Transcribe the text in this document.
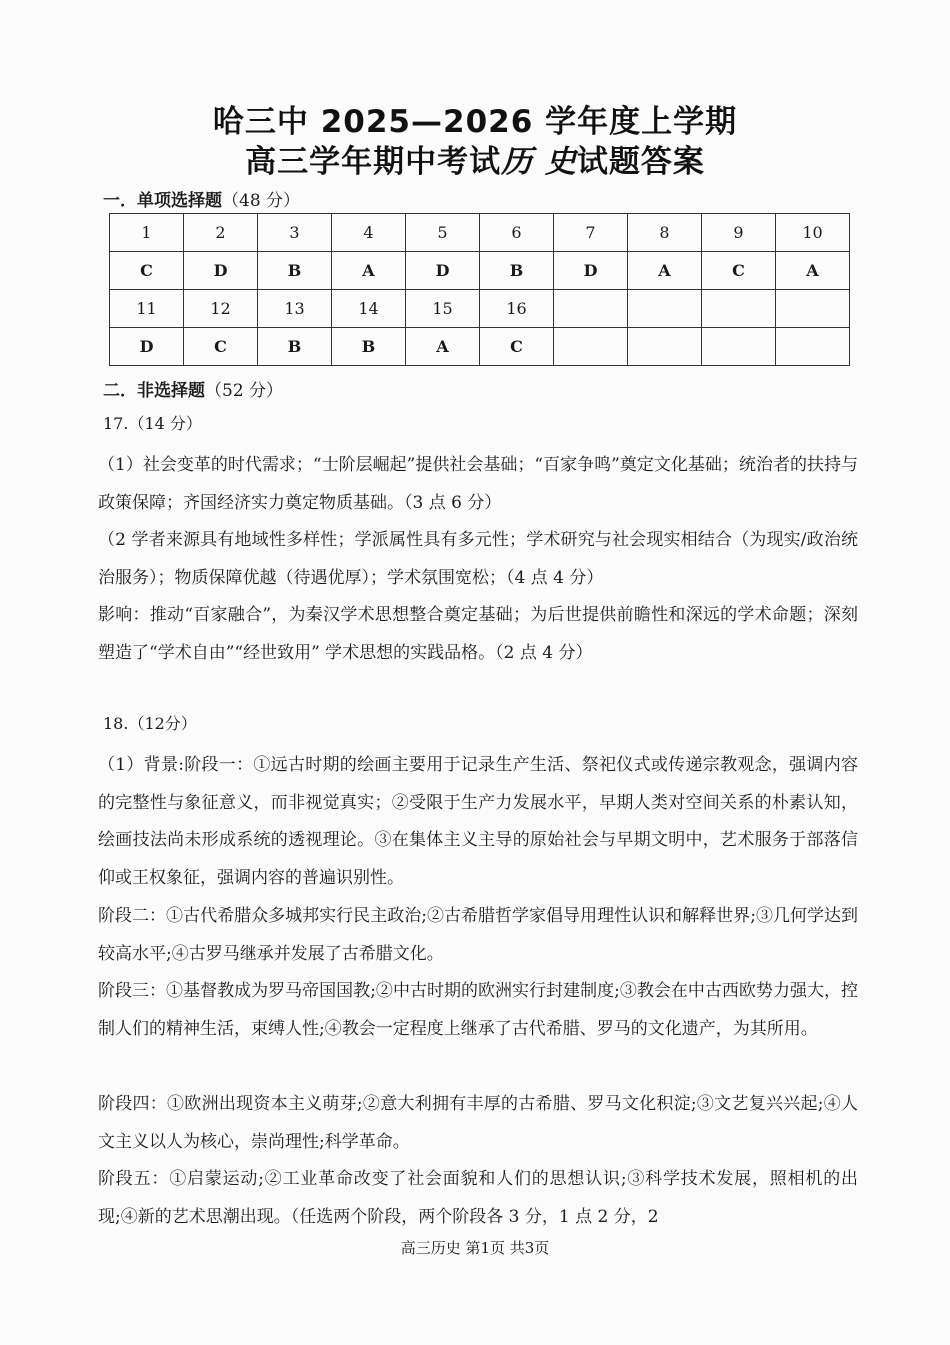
哈三中 2025—2026 学年度上学期
高三学年期中考试历 史试题答案
一．单项选择题（48 分）
1	2	3	4	5	6	7	8	9	10
C	D	B	A	D	B	D	A	C	A
11	12	13	14	15	16				
D	C	B	B	A	C				
二．非选择题（52 分）
17.（14 分）
（1）社会变革的时代需求；“士阶层崛起”提供社会基础；“百家争鸣”奠定文化基础；统治者的扶持与政策保障；齐国经济实力奠定物质基础。（3 点 6 分）
（2 学者来源具有地域性多样性；学派属性具有多元性；学术研究与社会现实相结合（为现实/政治统治服务）；物质保障优越（待遇优厚）；学术氛围宽松；（4 点 4 分）
影响：推动“百家融合”，为秦汉学术思想整合奠定基础；为后世提供前瞻性和深远的学术命题；深刻塑造了“学术自由”“经世致用” 学术思想的实践品格。（2 点 4 分）
18.（12分）
（1）背景:阶段一：①远古时期的绘画主要用于记录生产生活、祭祀仪式或传递宗教观念，强调内容的完整性与象征意义，而非视觉真实；②受限于生产力发展水平，早期人类对空间关系的朴素认知，绘画技法尚未形成系统的透视理论。③在集体主义主导的原始社会与早期文明中，艺术服务于部落信仰或王权象征，强调内容的普遍识别性。
阶段二：①古代希腊众多城邦实行民主政治;②古希腊哲学家倡导用理性认识和解释世界;③几何学达到较高水平;④古罗马继承并发展了古希腊文化。
阶段三：①基督教成为罗马帝国国教;②中古时期的欧洲实行封建制度;③教会在中古西欧势力强大，控制人们的精神生活，束缚人性;④教会一定程度上继承了古代希腊、罗马的文化遗产，为其所用。
阶段四：①欧洲出现资本主义萌芽;②意大利拥有丰厚的古希腊、罗马文化积淀;③文艺复兴兴起;④人文主义以人为核心，崇尚理性;科学革命。
阶段五：①启蒙运动;②工业革命改变了社会面貌和人们的思想认识;③科学技术发展，照相机的出现;④新的艺术思潮出现。（任选两个阶段，两个阶段各 3 分，1 点 2 分，2
高三历史 第1页 共3页
